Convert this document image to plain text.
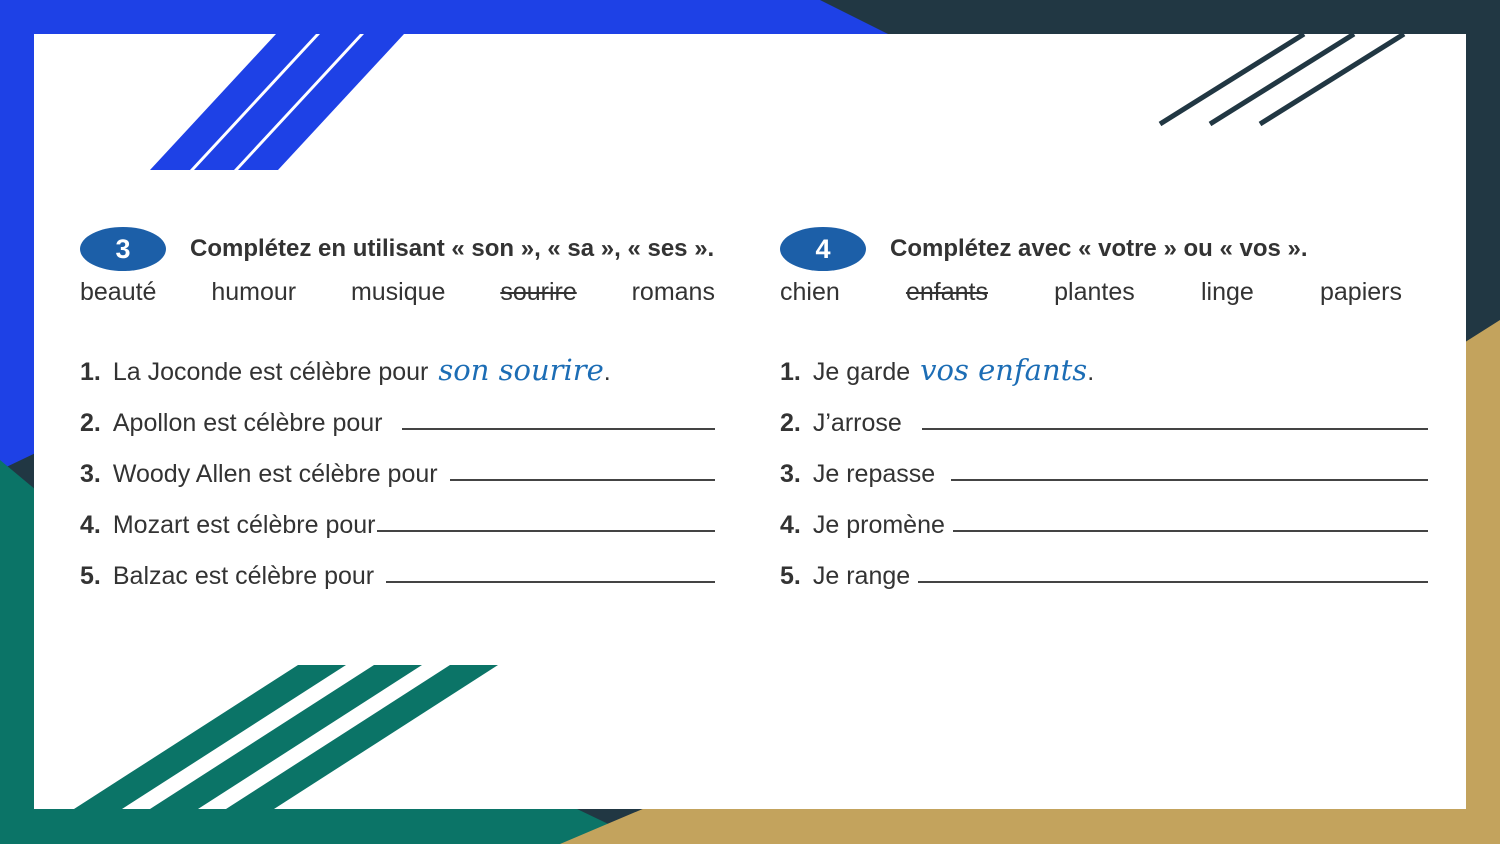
3	Complétez en utilisant « son », « sa », « ses ».
beauté humour musique sourire romans
1. La Joconde est célèbre pour son sourire .
2. Apollon est célèbre pour
3. Woody Allen est célèbre pour
4. Mozart est célèbre pour
5. Balzac est célèbre pour
4	Complétez avec « votre » ou « vos ».
chien	enfants	plantes	linge	papiers
1. Je garde vos enfants .
2. J’arrose
3. Je repasse
4. Je promène
5. Je range
